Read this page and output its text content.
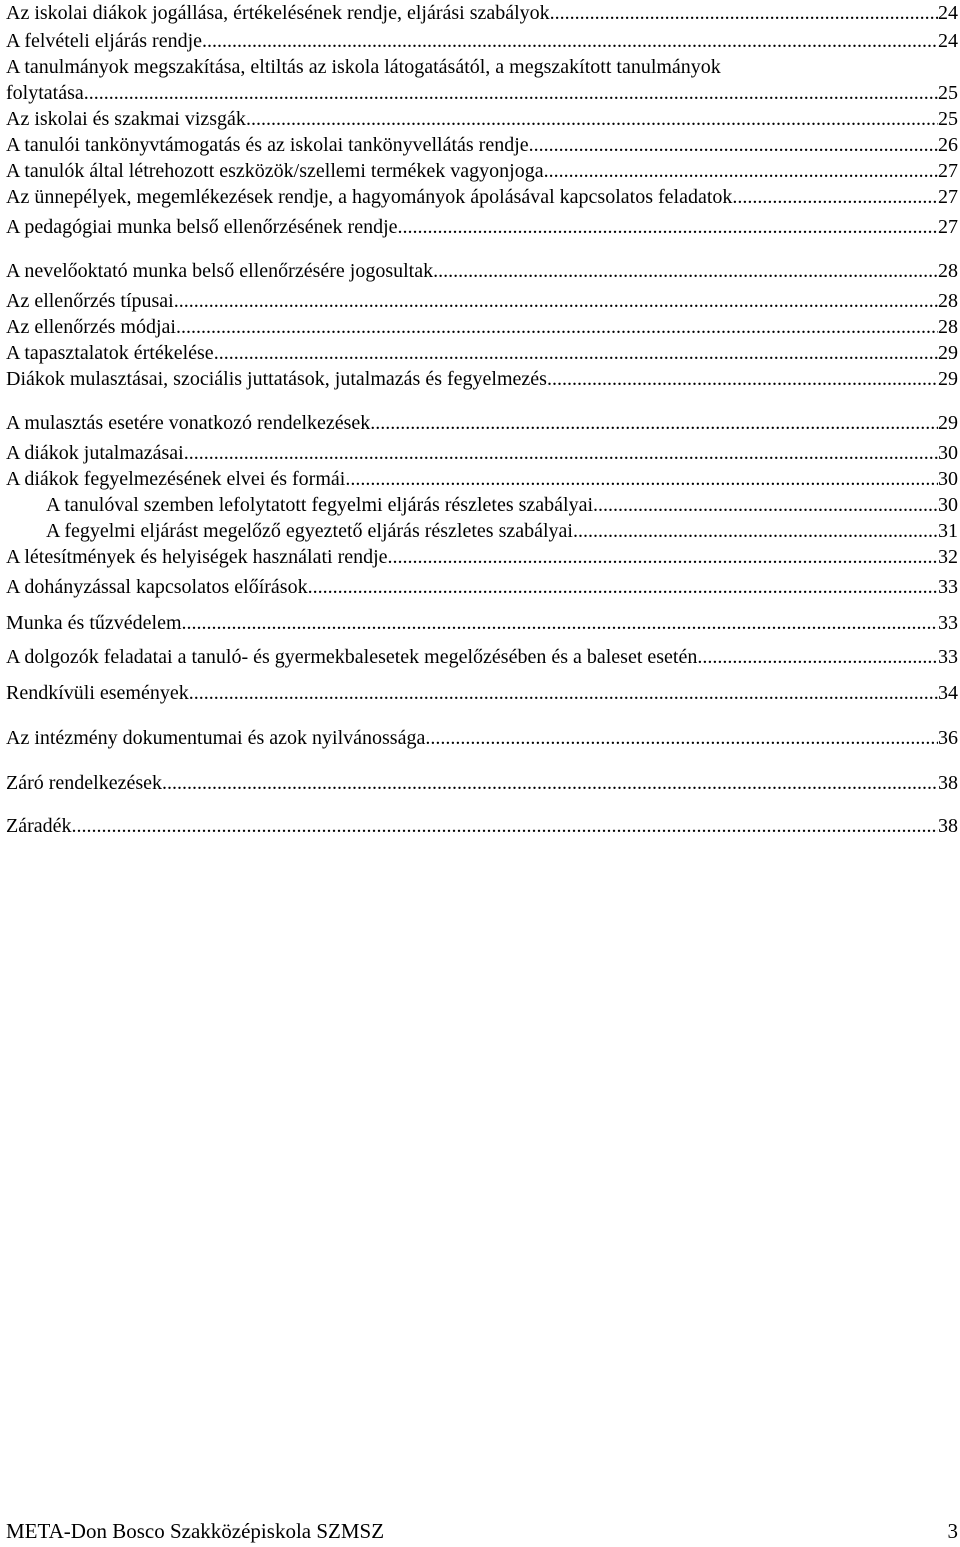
Az iskolai diákok jogállása, értékelésének rendje, eljárási szabályok .....	24
A felvételi eljárás rendje .....	24
A tanulmányok megszakítása, eltiltás az iskola látogatásától, a megszakított tanulmányok
folytatása .....	25
Az iskolai és szakmai vizsgák .....	25
A tanulói tankönyvtámogatás és az iskolai tankönyvellátás rendje .....	26
A tanulók által létrehozott eszközök/szellemi termékek vagyonjoga .....	27
Az ünnepélyek, megemlékezések rendje, a hagyományok ápolásával kapcsolatos feladatok .....	27
A pedagógiai munka belső ellenőrzésének rendje .....	27
A nevelőoktató munka belső ellenőrzésére jogosultak .....	28
Az ellenőrzés típusai .....	28
Az ellenőrzés módjai .....	28
A tapasztalatok értékelése .....	29
Diákok mulasztásai, szociális juttatások, jutalmazás és fegyelmezés .....	29
A mulasztás esetére vonatkozó rendelkezések .....	29
A diákok jutalmazásai .....	30
A diákok fegyelmezésének elvei és formái .....	30
A tanulóval szemben lefolytatott fegyelmi eljárás részletes szabályai .....	30
A fegyelmi eljárást megelőző egyeztető eljárás részletes szabályai .....	31
A létesítmények és helyiségek használati rendje .....	32
A dohányzással kapcsolatos előírások .....	33
Munka és tűzvédelem .....	33
A dolgozók feladatai a tanuló- és gyermekbalesetek megelőzésében és a baleset esetén .....	33
Rendkívüli események .....	34
Az intézmény dokumentumai és azok nyilvánossága .....	36
Záró rendelkezések .....	38
Záradék .....	38
META-Don Bosco Szakközépiskola SZMSZ	3
